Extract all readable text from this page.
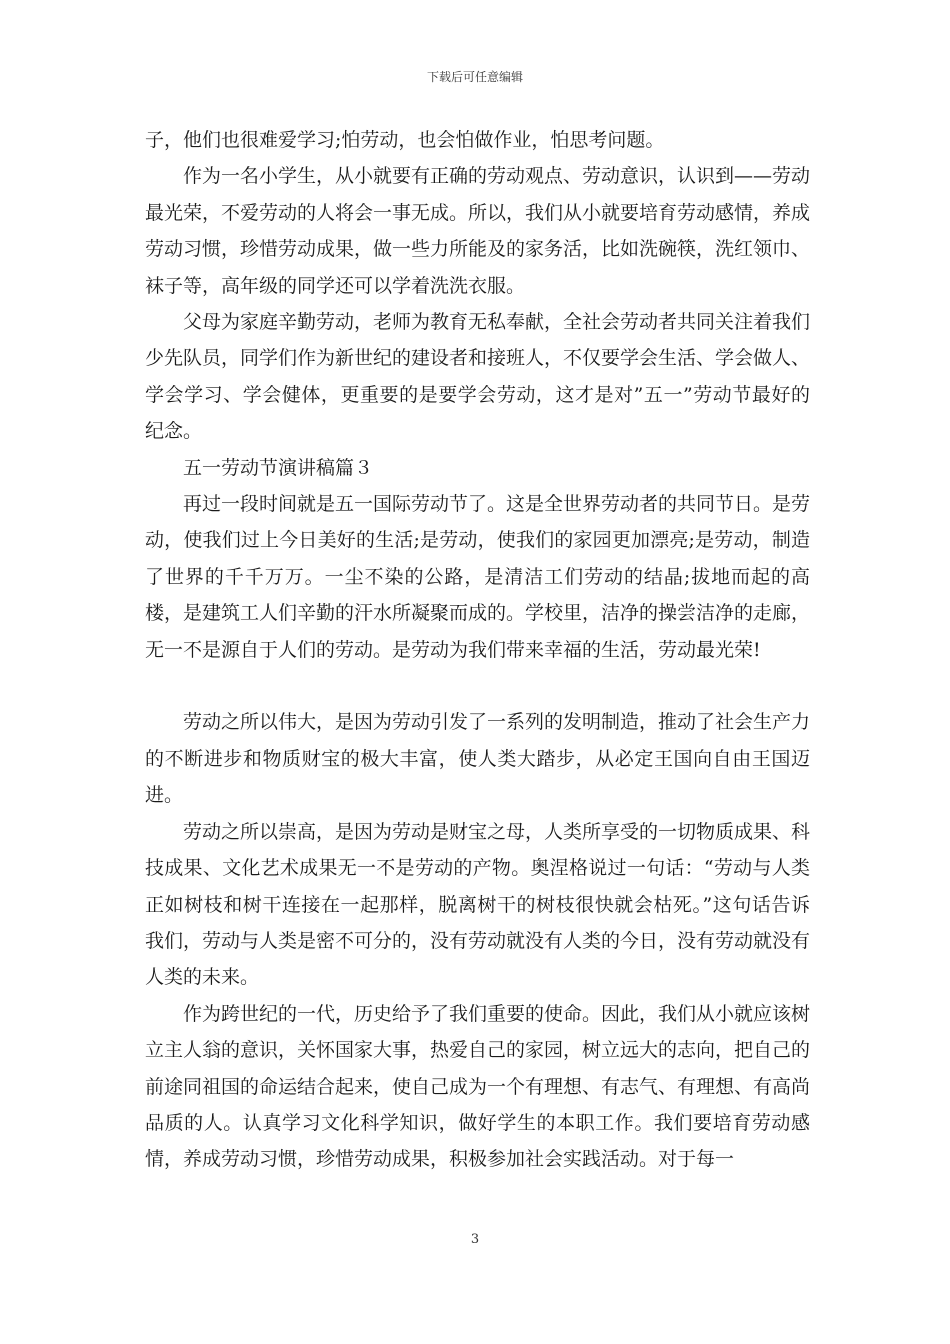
下载后可任意编辑

子，他们也很难爱学习;怕劳动，也会怕做作业，怕思考问题。

作为一名小学生，从小就要有正确的劳动观点、劳动意识，认识到——劳动最光荣，不爱劳动的人将会一事无成。所以，我们从小就要培育劳动感情，养成劳动习惯，珍惜劳动成果，做一些力所能及的家务活，比如洗碗筷，洗红领巾、袜子等，高年级的同学还可以学着洗洗衣服。

父母为家庭辛勤劳动，老师为教育无私奉献，全社会劳动者共同关注着我们少先队员，同学们作为新世纪的建设者和接班人，不仅要学会生活、学会做人、学会学习、学会健体，更重要的是要学会劳动，这才是对”五一”劳动节最好的纪念。

五一劳动节演讲稿篇３

再过一段时间就是五一国际劳动节了。这是全世界劳动者的共同节日。是劳动，使我们过上今日美好的生活;是劳动，使我们的家园更加漂亮;是劳动，制造了世界的千千万万。一尘不染的公路，是清洁工们劳动的结晶;拔地而起的高楼，是建筑工人们辛勤的汗水所凝聚而成的。学校里，洁净的操尝洁净的走廊，无一不是源自于人们的劳动。是劳动为我们带来幸福的生活，劳动最光荣!

劳动之所以伟大，是因为劳动引发了一系列的发明制造，推动了社会生产力的不断进步和物质财宝的极大丰富，使人类大踏步，从必定王国向自由王国迈进。

劳动之所以崇高，是因为劳动是财宝之母，人类所享受的一切物质成果、科技成果、文化艺术成果无一不是劳动的产物。奥涅格说过一句话：“劳动与人类正如树枝和树干连接在一起那样，脱离树干的树枝很快就会枯死。”这句话告诉我们，劳动与人类是密不可分的，没有劳动就没有人类的今日，没有劳动就没有人类的未来。

作为跨世纪的一代，历史给予了我们重要的使命。因此，我们从小就应该树立主人翁的意识，关怀国家大事，热爱自己的家园，树立远大的志向，把自己的前途同祖国的命运结合起来，使自己成为一个有理想、有志气、有理想、有高尚品质的人。认真学习文化科学知识，做好学生的本职工作。我们要培育劳动感情，养成劳动习惯，珍惜劳动成果，积极参加社会实践活动。对于每一

3
